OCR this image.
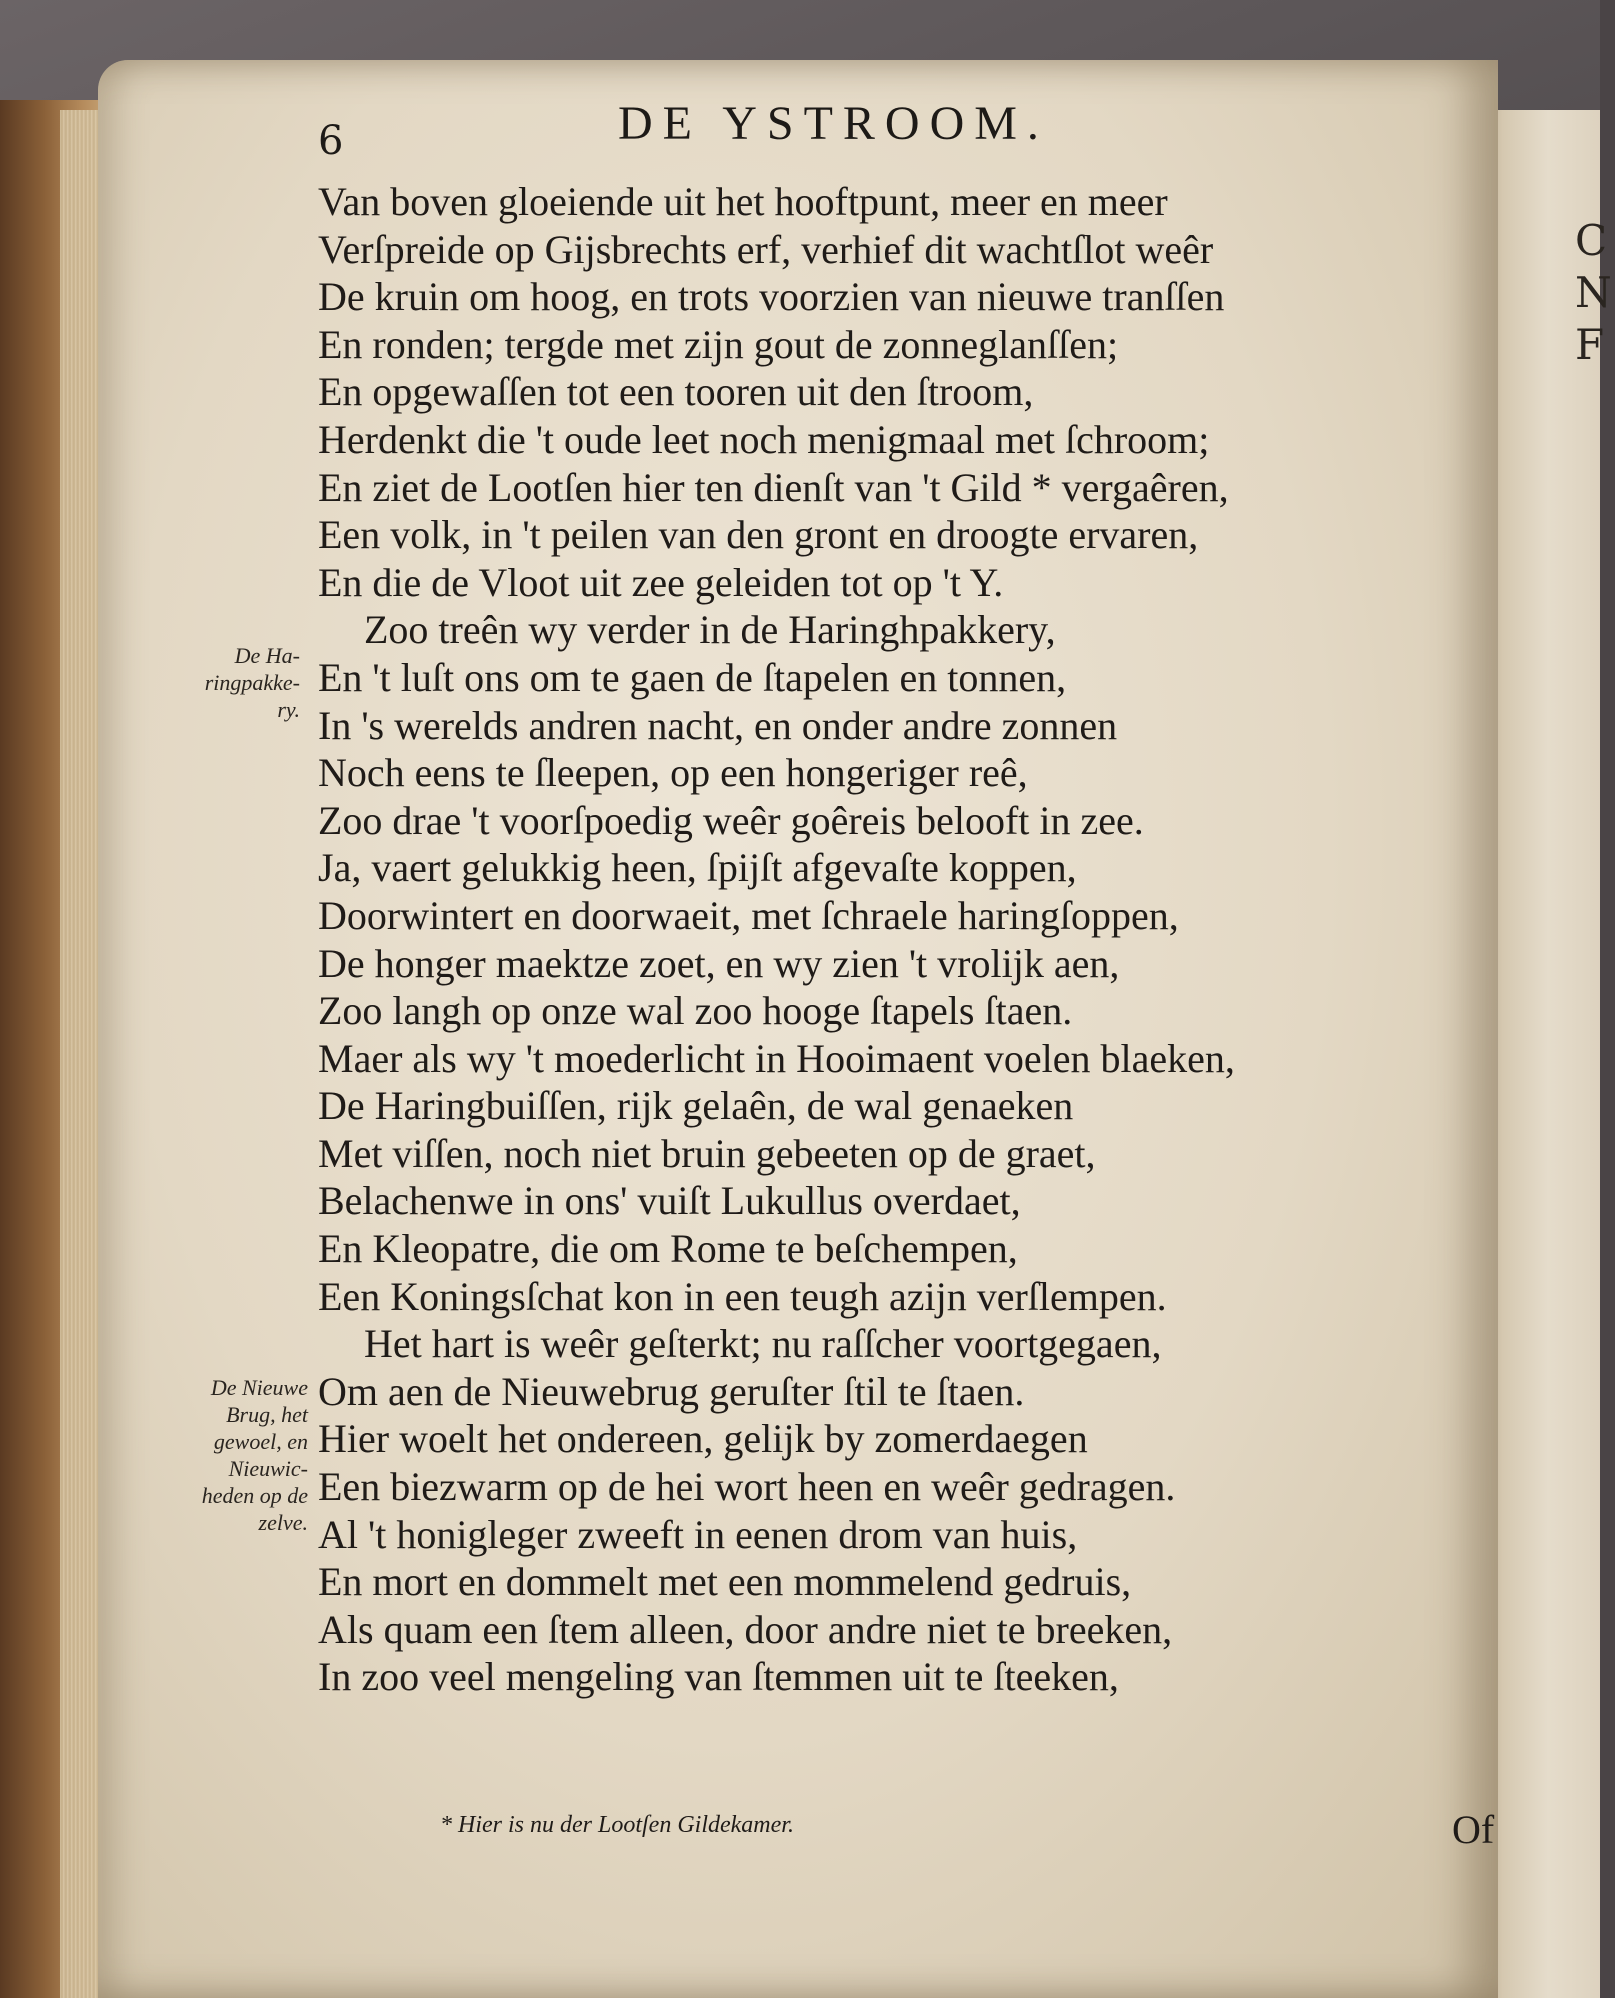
C
N
F
6	DE YSTROOM.
Van boven gloeiende uit het hooftpunt, meer en meer
Verſpreide op Gijsbrechts erf, verhief dit wachtſlot weêr
De kruin om hoog, en trots voorzien van nieuwe tranſſen
En ronden; tergde met zijn gout de zonneglanſſen;
En opgewaſſen tot een tooren uit den ſtroom,
Herdenkt die 't oude leet noch menigmaal met ſchroom;
En ziet de Lootſen hier ten dienſt van 't Gild * vergaêren,
Een volk, in 't peilen van den gront en droogte ervaren,
En die de Vloot uit zee geleiden tot op 't Y.
Zoo treên wy verder in de Haringhpakkery,
En 't luſt ons om te gaen de ſtapelen en tonnen,
In 's werelds andren nacht, en onder andre zonnen
Noch eens te ſleepen, op een hongeriger reê,
Zoo drae 't voorſpoedig weêr goêreis belooft in zee.
Ja, vaert gelukkig heen, ſpijſt afgevaſte koppen,
Doorwintert en doorwaeit, met ſchraele haringſoppen,
De honger maektze zoet, en wy zien 't vrolijk aen,
Zoo langh op onze wal zoo hooge ſtapels ſtaen.
Maer als wy 't moederlicht in Hooimaent voelen blaeken,
De Haringbuiſſen, rijk gelaên, de wal genaeken
Met viſſen, noch niet bruin gebeeten op de graet,
Belachenwe in ons' vuiſt Lukullus overdaet,
En Kleopatre, die om Rome te beſchempen,
Een Koningsſchat kon in een teugh azijn verſlempen.
Het hart is weêr geſterkt; nu raſſcher voortgegaen,
Om aen de Nieuwebrug geruſter ſtil te ſtaen.
Hier woelt het ondereen, gelijk by zomerdaegen
Een biezwarm op de hei wort heen en weêr gedragen.
Al 't honigleger zweeft in eenen drom van huis,
En mort en dommelt met een mommelend gedruis,
Als quam een ſtem alleen, door andre niet te breeken,
In zoo veel mengeling van ſtemmen uit te ſteeken,
De Ha-
ringpakke-
ry.
De Nieuwe
Brug, het
gewoel, en
Nieuwic-
heden op de
zelve.
* Hier is nu der Lootſen Gildekamer.	Of
